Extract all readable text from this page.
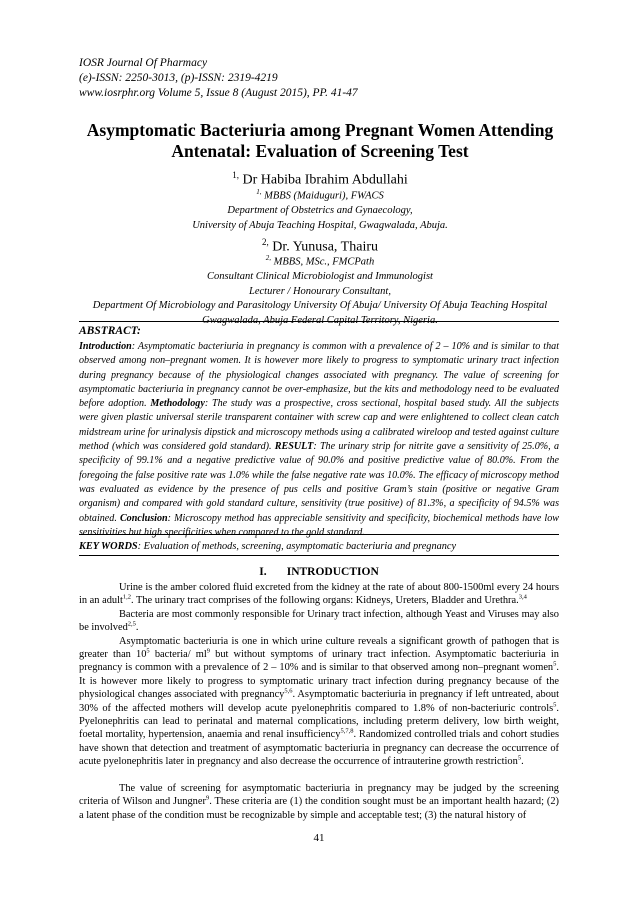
IOSR Journal Of Pharmacy
(e)-ISSN: 2250-3013, (p)-ISSN: 2319-4219
www.iosrphr.org Volume 5, Issue 8 (August 2015), PP. 41-47
Asymptomatic Bacteriuria among Pregnant Women Attending
Antenatal: Evaluation of Screening Test
$^{1,}$ Dr Habiba Ibrahim Abdullahi
$^{1,}$ MBBS (Maiduguri), FWACS
Department of Obstetrics and Gynaecology,
University of Abuja Teaching Hospital, Gwagwalada, Abuja.
$^{2,}$ Dr. Yunusa, Thairu
$^{2,}$ MBBS, MSc., FMCPath
Consultant Clinical Microbiologist and Immunologist
Lecturer / Honourary Consultant,
Department Of Microbiology and Parasitology University Of Abuja/ University Of Abuja Teaching Hospital
Gwagwalada, Abuja Federal Capital Territory, Nigeria.
ABSTRACT:
Introduction: Asymptomatic bacteriuria in pregnancy is common with a prevalence of 2 – 10% and is similar to that observed among non–pregnant women. It is however more likely to progress to symptomatic urinary tract infection during pregnancy because of the physiological changes associated with pregnancy. The value of screening for asymptomatic bacteriuria in pregnancy cannot be over-emphasize, but the kits and methodology need to be evaluated before adoption. Methodology: The study was a prospective, cross sectional, hospital based study. All the subjects were given plastic universal sterile transparent container with screw cap and were enlightened to collect clean catch midstream urine for urinalysis dipstick and microscopy methods using a calibrated wireloop and tested against culture method (which was considered gold standard). RESULT: The urinary strip for nitrite gave a sensitivity of 25.0%, a specificity of 99.1% and a negative predictive value of 90.0% and positive predictive value of 80.0%. From the foregoing the false positive rate was 1.0% while the false negative rate was 10.0%. The efficacy of microscopy method was evaluated as evidence by the presence of pus cells and positive Gram’s stain (positive or negative Gram organism) and compared with gold standard culture, sensitivity (true positive) of 81.3%, a specificity of 94.5% was obtained. Conclusion: Microscopy method has appreciable sensitivity and specificity, biochemical methods have low sensitivities but high specificities when compared to the gold standard.
KEY WORDS: Evaluation of methods, screening, asymptomatic bacteriuria and pregnancy
I. INTRODUCTION

Urine is the amber colored fluid excreted from the kidney at the rate of about 800-1500ml every 24 hours in an adult$^{1,2}$. The urinary tract comprises of the following organs: Kidneys, Ureters, Bladder and Urethra.$^{3,4}$

Bacteria are most commonly responsible for Urinary tract infection, although Yeast and Viruses may also be involved$^{2,5}$.

Asymptomatic bacteriuria is one in which urine culture reveals a significant growth of pathogen that is greater than $10^5$ bacteria/ $ml^9$ but without symptoms of urinary tract infection. Asymptomatic bacteriuria in pregnancy is common with a prevalence of 2 – 10% and is similar to that observed among non–pregnant women$^5$. It is however more likely to progress to symptomatic urinary tract infection during pregnancy because of the physiological changes associated with pregnancy$^{5,6}$. Asymptomatic bacteriuria in pregnancy if left untreated, about 30% of the affected mothers will develop acute pyelonephritis compared to 1.8% of non-bacteriuric controls$^5$. Pyelonephritis can lead to perinatal and maternal complications, including preterm delivery, low birth weight, foetal mortality, hypertension, anaemia and renal insufficiency$^{5,7,8}$. Randomized controlled trials and cohort studies have shown that detection and treatment of asymptomatic bacteriuria in pregnancy can decrease the occurrence of acute pyelonephritis later in pregnancy and also decrease the occurrence of intrauterine growth restriction$^5$.

The value of screening for asymptomatic bacteriuria in pregnancy may be judged by the screening criteria of Wilson and Jungner$^9$. These criteria are (1) the condition sought must be an important health hazard; (2) a latent phase of the condition must be recognizable by simple and acceptable test; (3) the natural history of

41
